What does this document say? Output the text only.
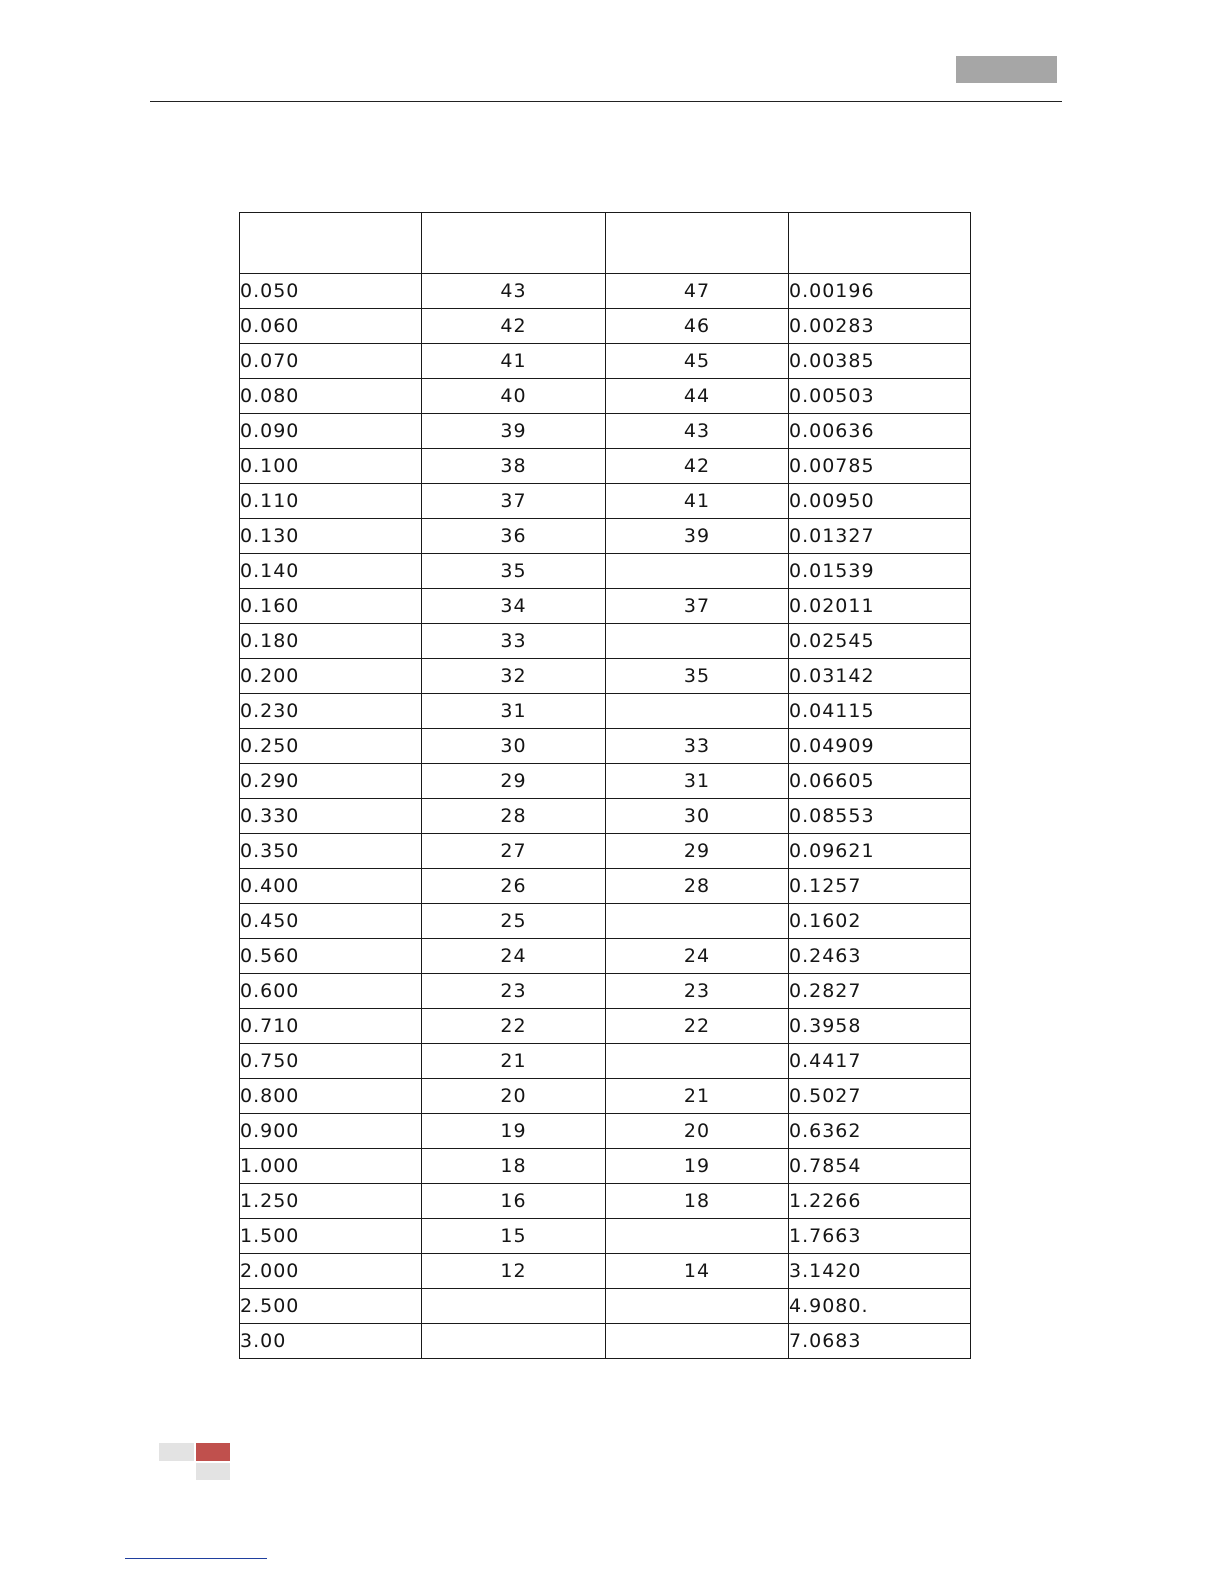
0.050	43	47	0.00196
0.060	42	46	0.00283
0.070	41	45	0.00385
0.080	40	44	0.00503
0.090	39	43	0.00636
0.100	38	42	0.00785
0.110	37	41	0.00950
0.130	36	39	0.01327
0.140	35		0.01539
0.160	34	37	0.02011
0.180	33		0.02545
0.200	32	35	0.03142
0.230	31		0.04115
0.250	30	33	0.04909
0.290	29	31	0.06605
0.330	28	30	0.08553
0.350	27	29	0.09621
0.400	26	28	0.1257
0.450	25		0.1602
0.560	24	24	0.2463
0.600	23	23	0.2827
0.710	22	22	0.3958
0.750	21		0.4417
0.800	20	21	0.5027
0.900	19	20	0.6362
1.000	18	19	0.7854
1.250	16	18	1.2266
1.500	15		1.7663
2.000	12	14	3.1420
2.500			4.9080.
3.00			7.0683
